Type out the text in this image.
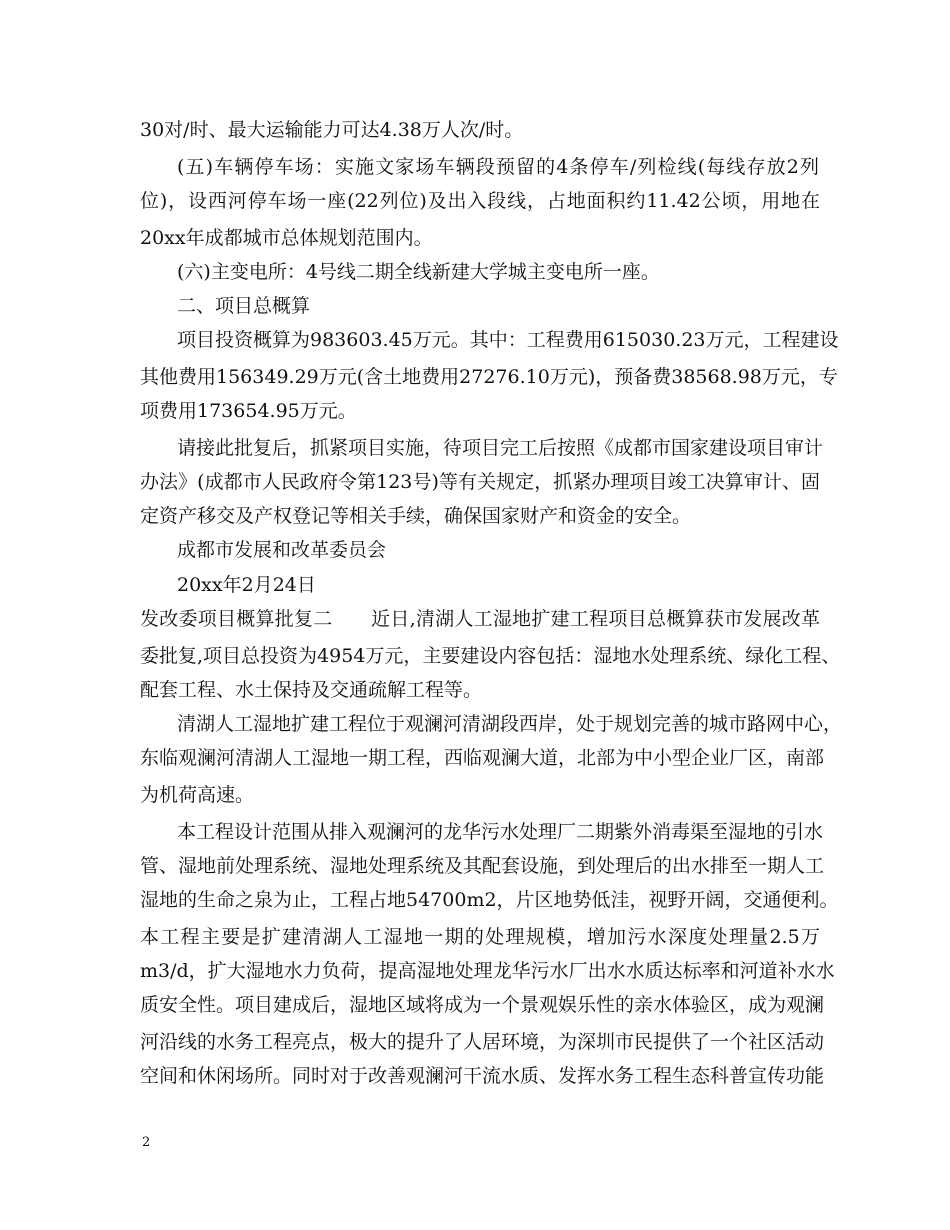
30对/时、最大运输能力可达4.38万人次/时。
(五)车辆停车场：实施文家场车辆段预留的4条停车/列检线(每线存放2列
位)，设西河停车场一座(22列位)及出入段线，占地面积约11.42公顷，用地在
20xx年成都城市总体规划范围内。
(六)主变电所：4号线二期全线新建大学城主变电所一座。
二、项目总概算
项目投资概算为983603.45万元。其中：工程费用615030.23万元，工程建设
其他费用156349.29万元(含土地费用27276.10万元)，预备费38568.98万元，专
项费用173654.95万元。
请接此批复后，抓紧项目实施，待项目完工后按照《成都市国家建设项目审计
办法》(成都市人民政府令第123号)等有关规定，抓紧办理项目竣工决算审计、固
定资产移交及产权登记等相关手续，确保国家财产和资金的安全。
成都市发展和改革委员会
20xx年2月24日
发改委项目概算批复二　　近日,清湖人工湿地扩建工程项目总概算获市发展改革
委批复,项目总投资为4954万元，主要建设内容包括：湿地水处理系统、绿化工程、
配套工程、水土保持及交通疏解工程等。
清湖人工湿地扩建工程位于观澜河清湖段西岸，处于规划完善的城市路网中心，
东临观澜河清湖人工湿地一期工程，西临观澜大道，北部为中小型企业厂区，南部
为机荷高速。
本工程设计范围从排入观澜河的龙华污水处理厂二期紫外消毒渠至湿地的引水
管、湿地前处理系统、湿地处理系统及其配套设施，到处理后的出水排至一期人工
湿地的生命之泉为止，工程占地54700m2，片区地势低洼，视野开阔，交通便利。
本工程主要是扩建清湖人工湿地一期的处理规模，增加污水深度处理量2.5万
m3/d，扩大湿地水力负荷，提高湿地处理龙华污水厂出水水质达标率和河道补水水
质安全性。项目建成后，湿地区域将成为一个景观娱乐性的亲水体验区，成为观澜
河沿线的水务工程亮点，极大的提升了人居环境，为深圳市民提供了一个社区活动
空间和休闲场所。同时对于改善观澜河干流水质、发挥水务工程生态科普宣传功能
2
